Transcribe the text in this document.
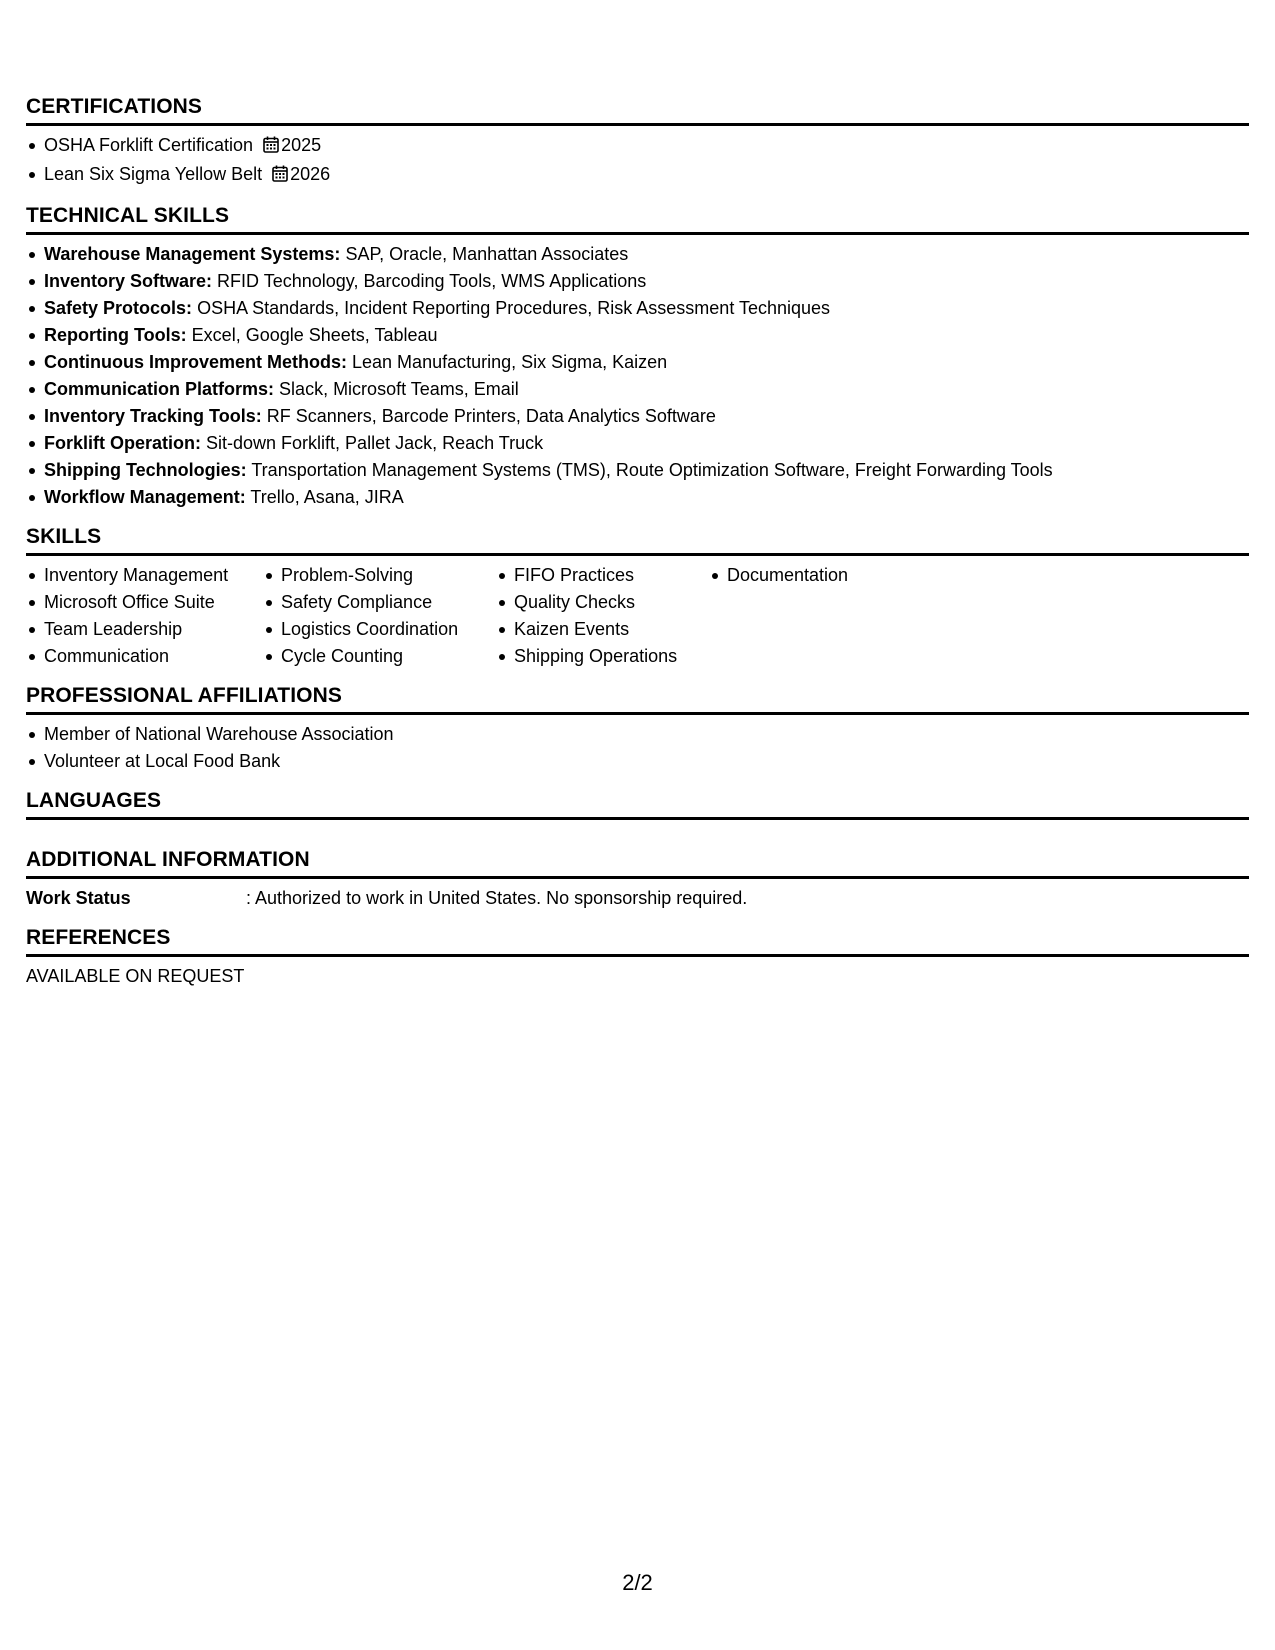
CERTIFICATIONS
OSHA Forklift Certification 2025
Lean Six Sigma Yellow Belt 2026
TECHNICAL SKILLS
Warehouse Management Systems: SAP, Oracle, Manhattan Associates
Inventory Software: RFID Technology, Barcoding Tools, WMS Applications
Safety Protocols: OSHA Standards, Incident Reporting Procedures, Risk Assessment Techniques
Reporting Tools: Excel, Google Sheets, Tableau
Continuous Improvement Methods: Lean Manufacturing, Six Sigma, Kaizen
Communication Platforms: Slack, Microsoft Teams, Email
Inventory Tracking Tools: RF Scanners, Barcode Printers, Data Analytics Software
Forklift Operation: Sit-down Forklift, Pallet Jack, Reach Truck
Shipping Technologies: Transportation Management Systems (TMS), Route Optimization Software, Freight Forwarding Tools
Workflow Management: Trello, Asana, JIRA
SKILLS
Inventory Management
Microsoft Office Suite
Team Leadership
Communication
Problem-Solving
Safety Compliance
Logistics Coordination
Cycle Counting
FIFO Practices
Quality Checks
Kaizen Events
Shipping Operations
Documentation
PROFESSIONAL AFFILIATIONS
Member of National Warehouse Association
Volunteer at Local Food Bank
LANGUAGES
ADDITIONAL INFORMATION
Work Status	: Authorized to work in United States. No sponsorship required.
REFERENCES
AVAILABLE ON REQUEST
2/2
